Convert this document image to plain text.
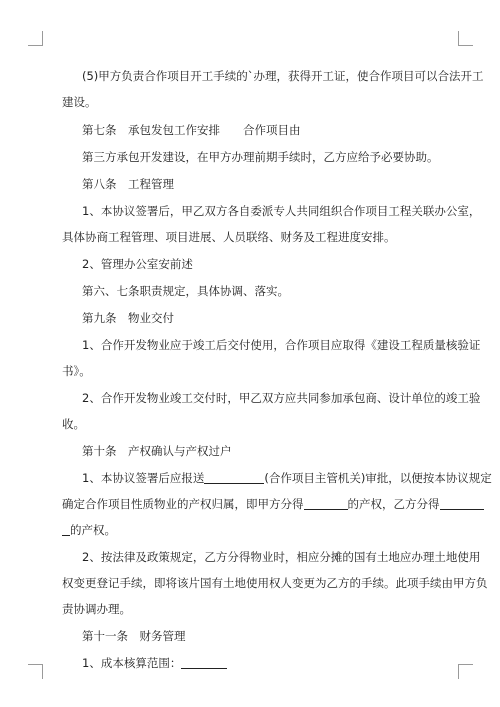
(5)甲方负责合作项目开工手续的`办理，获得开工证，使合作项目可以合法开工
建设。
第七条　承包发包工作安排　　合作项目由
第三方承包开发建设，在甲方办理前期手续时，乙方应给予必要协助。
第八条　工程管理
1、本协议签署后，甲乙双方各自委派专人共同组织合作项目工程关联办公室，
具体协商工程管理、项目进展、人员联络、财务及工程进度安排。
2、管理办公室安前述
第六、七条职责规定，具体协调、落实。
第九条　物业交付
1、合作开发物业应于竣工后交付使用，合作项目应取得《建设工程质量核验证
书》。
2、合作开发物业竣工交付时，甲乙双方应共同参加承包商、设计单位的竣工验
收。
第十条　产权确认与产权过户
1、本协议签署后应报送	(合作项目主管机关)审批，以便按本协议规定
确定合作项目性质物业的产权归属，即甲方分得	的产权，乙方分得
的产权。
2、按法律及政策规定，乙方分得物业时，相应分摊的国有土地应办理土地使用
权变更登记手续，即将该片国有土地使用权人变更为乙方的手续。此项手续由甲方负
责协调办理。
第十一条　财务管理
1、成本核算范围：
